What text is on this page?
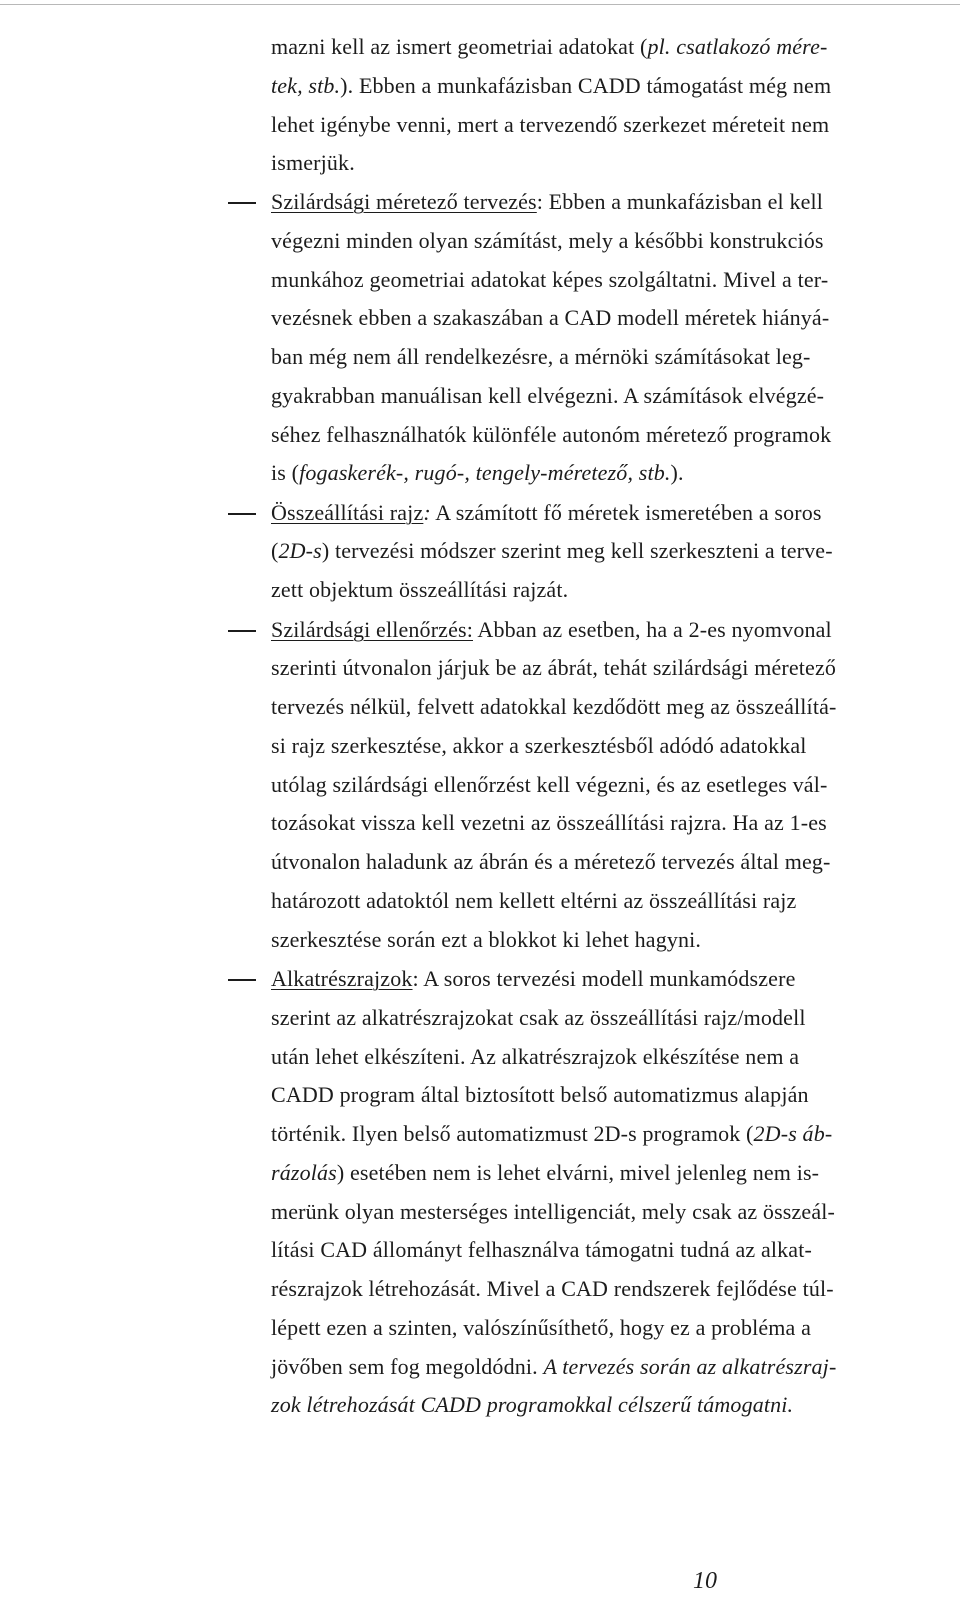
mazni kell az ismert geometriai adatokat (pl. csatlakozó mére-
tek, stb.). Ebben a munkafázisban CADD támogatást még nem
lehet igénybe venni, mert a tervezendő szerkezet méreteit nem
ismerjük.
Szilárdsági méretező tervezés: Ebben a munkafázisban el kell
végezni minden olyan számítást, mely a későbbi konstrukciós
munkához geometriai adatokat képes szolgáltatni. Mivel a ter-
vezésnek ebben a szakaszában a CAD modell méretek hiányá-
ban még nem áll rendelkezésre, a mérnöki számításokat leg-
gyakrabban manuálisan kell elvégezni. A számítások elvégzé-
séhez felhasználhatók különféle autonóm méretező programok
is (fogaskerék-, rugó-, tengely-méretező, stb.).
Összeállítási rajz: A számított fő méretek ismeretében a soros
(2D-s) tervezési módszer szerint meg kell szerkeszteni a terve-
zett objektum összeállítási rajzát.
Szilárdsági ellenőrzés: Abban az esetben, ha a 2-es nyomvonal
szerinti útvonalon járjuk be az ábrát, tehát szilárdsági méretező
tervezés nélkül, felvett adatokkal kezdődött meg az összeállítá-
si rajz szerkesztése, akkor a szerkesztésből adódó adatokkal
utólag szilárdsági ellenőrzést kell végezni, és az esetleges vál-
tozásokat vissza kell vezetni az összeállítási rajzra. Ha az 1-es
útvonalon haladunk az ábrán és a méretező tervezés által meg-
határozott adatoktól nem kellett eltérni az összeállítási rajz
szerkesztése során ezt a blokkot ki lehet hagyni.
Alkatrészrajzok: A soros tervezési modell munkamódszere
szerint az alkatrészrajzokat csak az összeállítási rajz/modell
után lehet elkészíteni. Az alkatrészrajzok elkészítése nem a
CADD program által biztosított belső automatizmus alapján
történik. Ilyen belső automatizmust 2D-s programok (2D-s áb-
rázolás) esetében nem is lehet elvárni, mivel jelenleg nem is-
merünk olyan mesterséges intelligenciát, mely csak az összeál-
lítási CAD állományt felhasználva támogatni tudná az alkat-
részrajzok létrehozását. Mivel a CAD rendszerek fejlődése túl-
lépett ezen a szinten, valószínűsíthető, hogy ez a probléma a
jövőben sem fog megoldódni. A tervezés során az alkatrészraj-
zok létrehozását CADD programokkal célszerű támogatni.
10
